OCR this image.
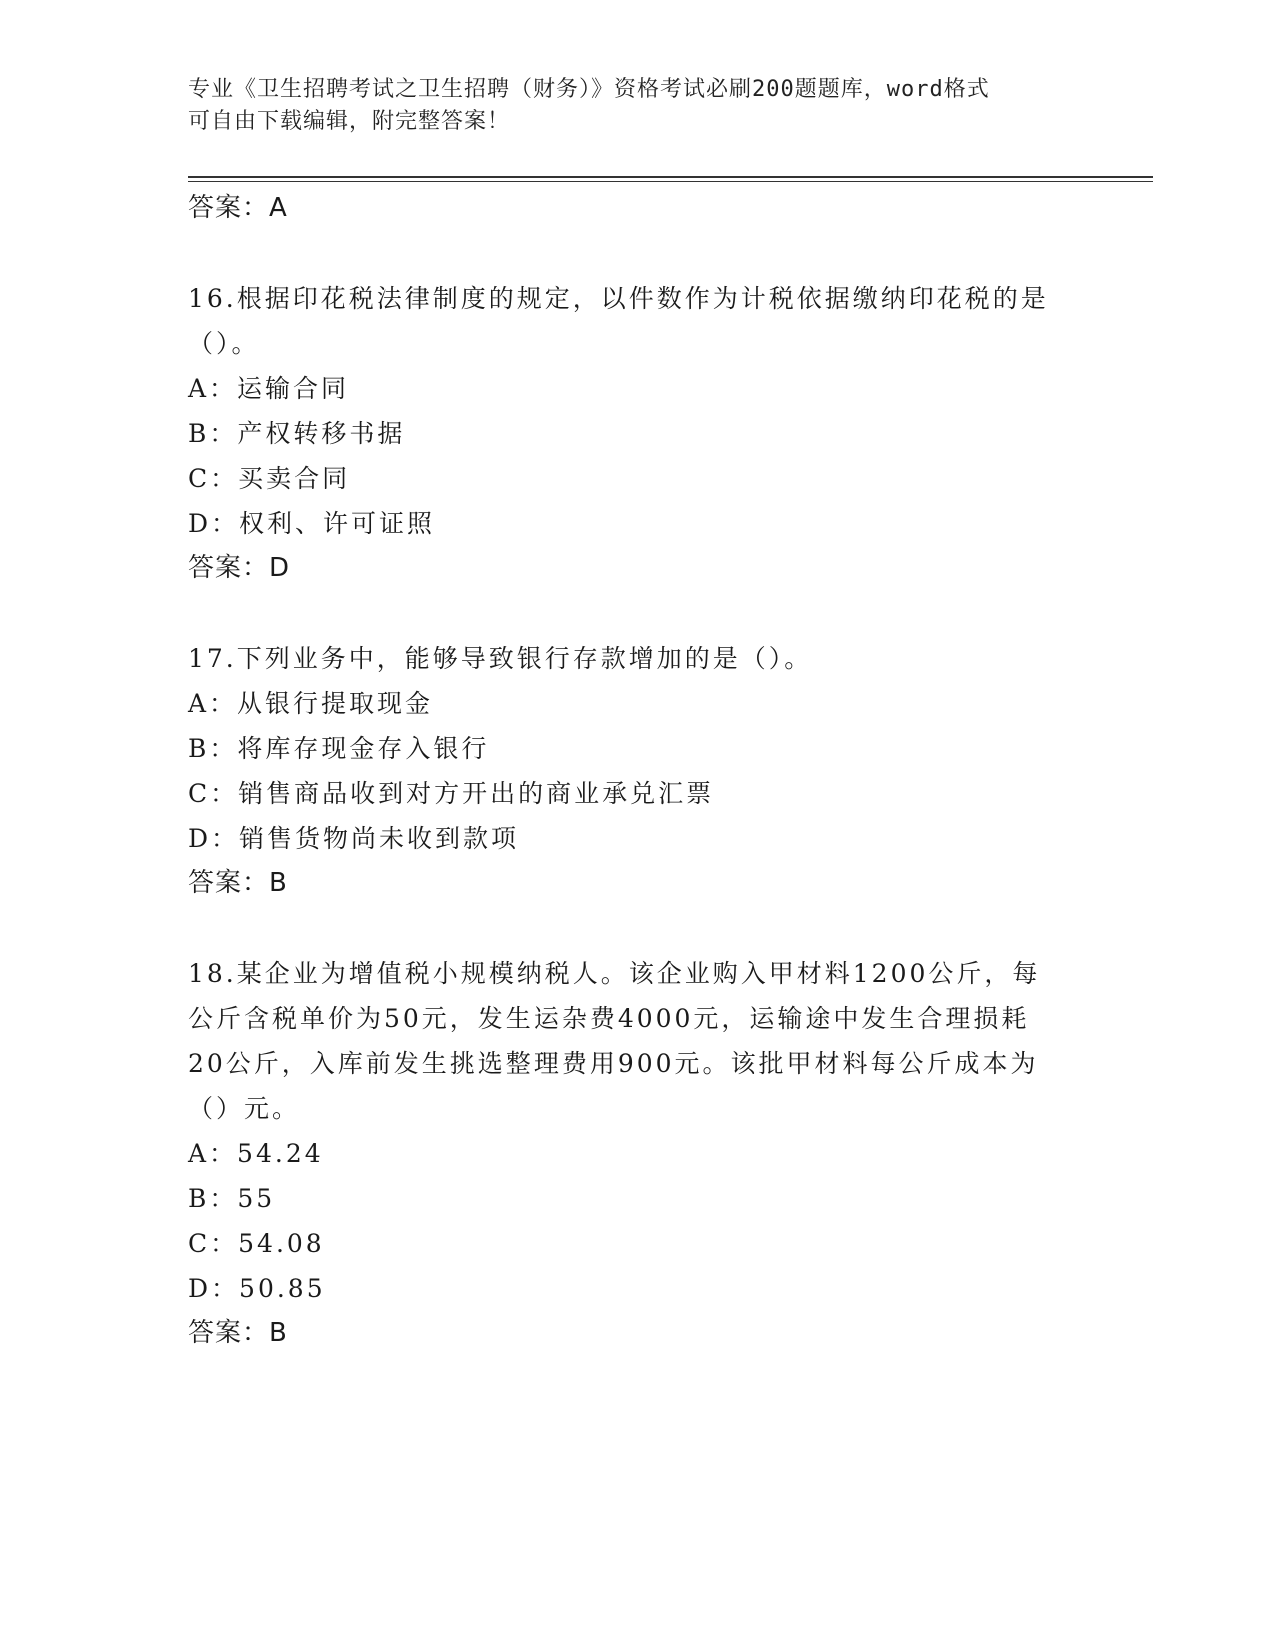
专业《卫生招聘考试之卫生招聘（财务）》资格考试必刷200题题库，word格式
可自由下载编辑，附完整答案！

答案：A

16.根据印花税法律制度的规定，以件数作为计税依据缴纳印花税的是

（）。

A：运输合同

B：产权转移书据

C：买卖合同

D：权利、许可证照

答案：D

17.下列业务中，能够导致银行存款增加的是（）。

A：从银行提取现金

B：将库存现金存入银行

C：销售商品收到对方开出的商业承兑汇票

D：销售货物尚未收到款项

答案：B

18.某企业为增值税小规模纳税人。该企业购入甲材料1200公斤，每

公斤含税单价为50元，发生运杂费4000元，运输途中发生合理损耗

20公斤，入库前发生挑选整理费用900元。该批甲材料每公斤成本为

（）元。

A：54.24

B：55

C：54.08

D：50.85

答案：B
